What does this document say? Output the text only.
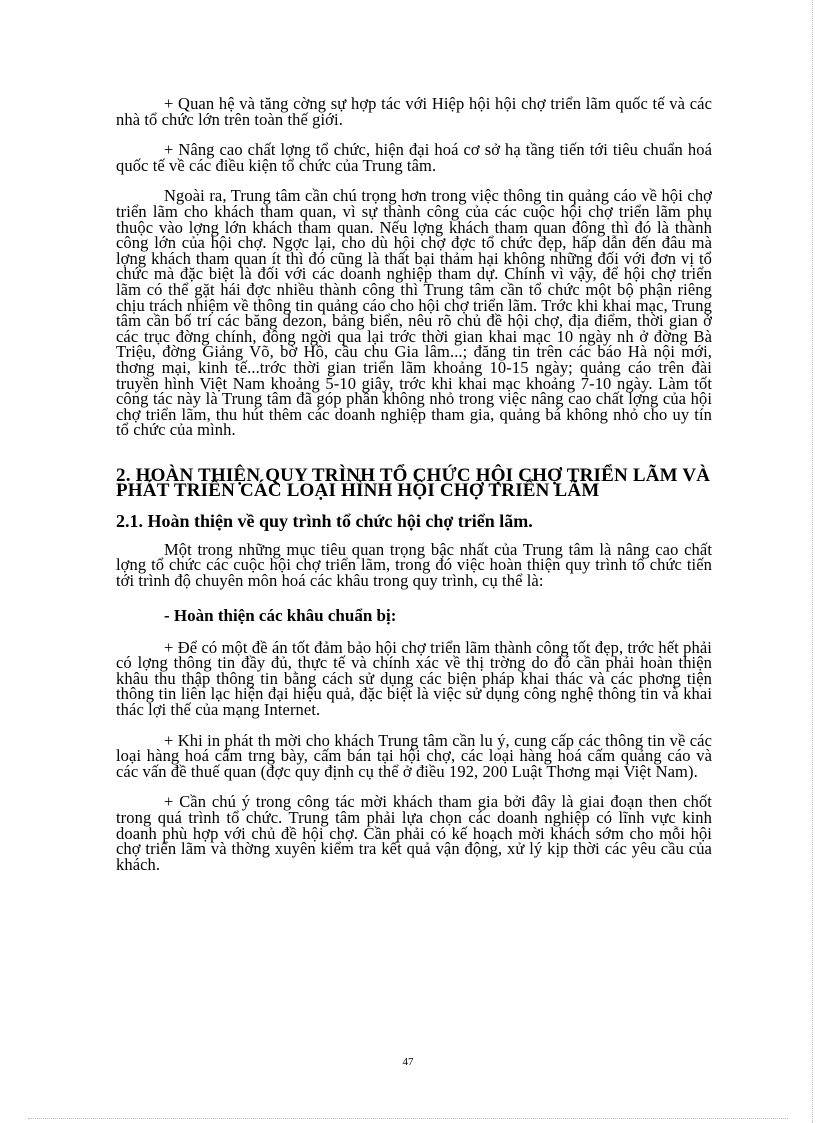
+ Quan hệ và tăng cờng sự hợp tác với Hiệp hội hội chợ triển lãm quốc tế và các nhà tổ chức lớn trên toàn thế giới.

+ Nâng cao chất lợng tổ chức, hiện đại hoá cơ sở hạ tầng tiến tới tiêu chuẩn hoá quốc tế về các điều kiện tổ chức của Trung tâm.

Ngoài ra, Trung tâm cần chú trọng hơn trong việc thông tin quảng cáo về hội chợ triển lãm cho khách tham quan, vì sự thành công của các cuộc hội chợ triển lãm phụ thuộc vào lợng lớn khách tham quan. Nếu lợng khách tham quan đông thì đó là thành công lớn của hội chợ. Ngợc lại, cho dù hội chợ đợc tổ chức đẹp, hấp dẫn đến đâu mà lợng khách tham quan ít thì đó cũng là thất bại thảm hại không những đối với đơn vị tổ chức mà đặc biệt là đối với các doanh nghiệp tham dự. Chính vì vậy, để hội chợ triển lãm có thể gặt hái đợc nhiều thành công thì Trung tâm cần tổ chức một bộ phận riêng chịu trách nhiệm về thông tin quảng cáo cho hội chợ triển lãm. Trớc khi khai mạc, Trung tâm cần bố trí các băng dezon, bảng biển, nêu rõ chủ đề hội chợ, địa điểm, thời gian ở các trục đờng chính, đông ngời qua lại trớc thời gian khai mạc 10 ngày nh ở đờng Bà Triệu, đờng Giảng Võ, bờ Hồ, cầu chu Gia lâm...; đăng tin trên các báo Hà nội mới, thơng mại, kinh tế...trớc thời gian triển lãm khoảng 10-15 ngày; quảng cáo trên đài truyền hình Việt Nam khoảng 5-10 giây, trớc khi khai mạc khoảng 7-10 ngày. Làm tốt công tác này là Trung tâm đã góp phần không nhỏ trong việc nâng cao chất lợng của hội chợ triển lãm, thu hút thêm các doanh nghiệp tham gia, quảng bá không nhỏ cho uy tín tổ chức của mình.

2. HOÀN THIỆN QUY TRÌNH TỔ CHỨC HỘI CHỢ TRIỂN LÃM VÀ PHÁT TRIỂN CÁC LOẠI HÌNH HỘI CHỢ TRIỂN LÃM
2.1. Hoàn thiện về quy trình tổ chức hội chợ triển lãm.

Một trong những mục tiêu quan trọng bậc nhất của Trung tâm là nâng cao chất lợng tổ chức các cuộc hội chợ triển lãm, trong đó việc hoàn thiện quy trình tổ chức tiến tới trình độ chuyên môn hoá các khâu trong quy trình, cụ thể là:

- Hoàn thiện các khâu chuẩn bị:

+ Để có một đề án tốt đảm bảo hội chợ triển lãm thành công tốt đẹp, trớc hết phải có lợng thông tin đầy đủ, thực tế và chính xác về thị trờng do đó cần phải hoàn thiện khâu thu thập thông tin bằng cách sử dụng các biện pháp khai thác và các phơng tiện thông tin liên lạc hiện đại hiệu quả, đặc biệt là việc sử dụng công nghệ thông tin và khai thác lợi thế của mạng Internet.

+ Khi in phát th mời cho khách Trung tâm cần lu ý, cung cấp các thông tin về các loại hàng hoá cấm trng bày, cấm bán tại hội chợ, các loại hàng hoá cấm quảng cáo và các vấn đề thuế quan (đợc quy định cụ thể ở điều 192, 200 Luật Thơng mại Việt Nam).

+ Cần chú ý trong công tác mời khách tham gia bởi đây là giai đoạn then chốt trong quá trình tổ chức. Trung tâm phải lựa chọn các doanh nghiệp có lĩnh vực kinh doanh phù hợp với chủ đề hội chợ. Cần phải có kế hoạch mời khách sớm cho mỗi hội chợ triển lãm và thờng xuyên kiểm tra kết quả vận động, xử lý kịp thời các yêu cầu của khách.

47
